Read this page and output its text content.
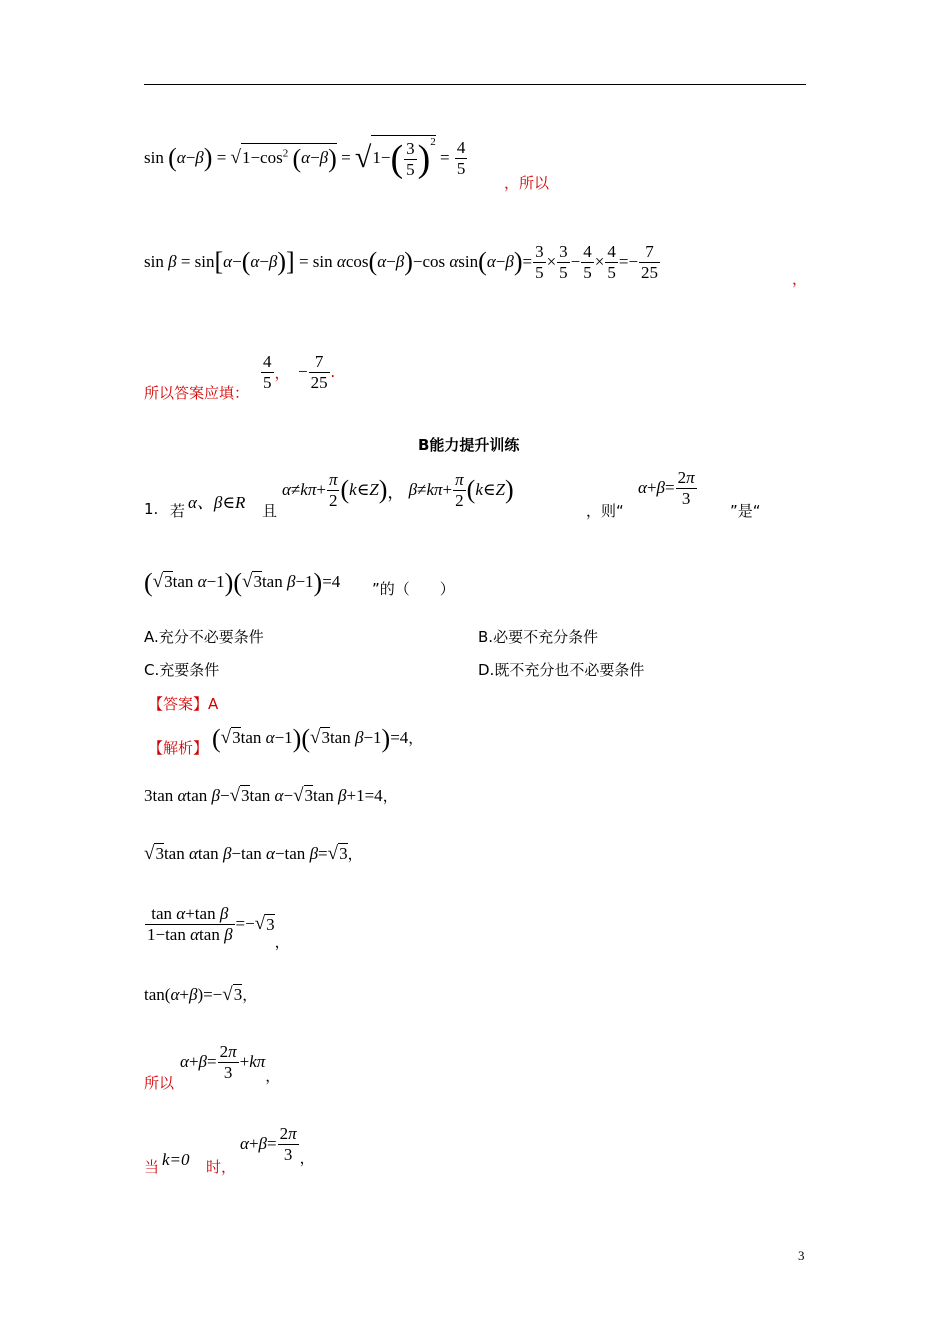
sin
( α − β ) = √ $1-\cos^2$ (α−β) = √ $1-( \frac{3}{5} )^2$
= $\frac{4}{5}$
，所以
sin
β = sin [ α − ( α − β ) ] = sin α cos ( α − β ) −cos α sin ( α − β ) = $\frac{3}{5} \times \frac{3}{5} - \frac{4}{5} \times \frac{4}{5} =- \frac{7}{25}$	，
所以答案应填：
$\frac{4}{5}$ ， − $\frac{7}{25}$ .
B能力提升训练
1. 若 α、β∈R 且
$\alpha \ne k\pi + \frac{\pi}{2}$ ( k ∈ Z ) ， $\beta \ne k\pi + \frac{\pi}{2}$ ( k ∈ Z )
，则“
$\alpha + \beta = \frac{2\pi}{3}$
”是“
(√3tan α−1)(√3tan β−1)=4 ”的（　　）
A.充分不必要条件	B.必要不充分条件
C.充要条件	D.既不充分也不必要条件
【答案】A
【解析】 (√3tan α−1)(√3tan β−1)=4，
3tan αtan β−√3tan α−√3tan β+1=4，
√3tan αtan β−tan α−tan β=√3，
$\frac{\text{tan α+tan β}}{\text{1−tan αtan β}}$ =− √ 3
，
tan(α+β)=−√3，
所以
$\alpha + \beta = \frac{2\pi}{3} + k\pi$
，
当 k=0 时，
$\alpha + \beta = \frac{2\pi}{3}$ ，
3
